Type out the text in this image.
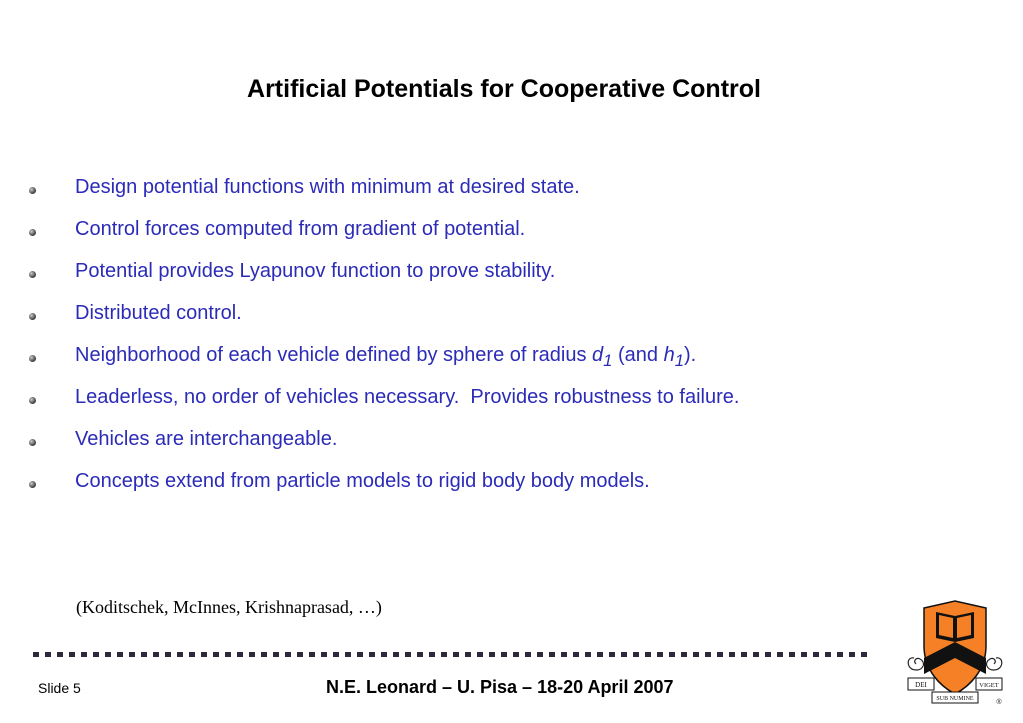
Artificial Potentials for Cooperative Control
Design potential functions with minimum at desired state.
Control forces computed from gradient of potential.
Potential provides Lyapunov function to prove stability.
Distributed control.
Neighborhood of each vehicle defined by sphere of radius $d_1$ (and $h_1$).
Leaderless, no order of vehicles necessary.  Provides robustness to failure.
Vehicles are interchangeable.
Concepts extend from particle models to rigid body body models.
(Koditschek, McInnes, Krishnaprasad, …)
Slide 5	N.E. Leonard – U. Pisa – 18-20 April 2007	DEI
SUB NUMINE
VIGET
®
